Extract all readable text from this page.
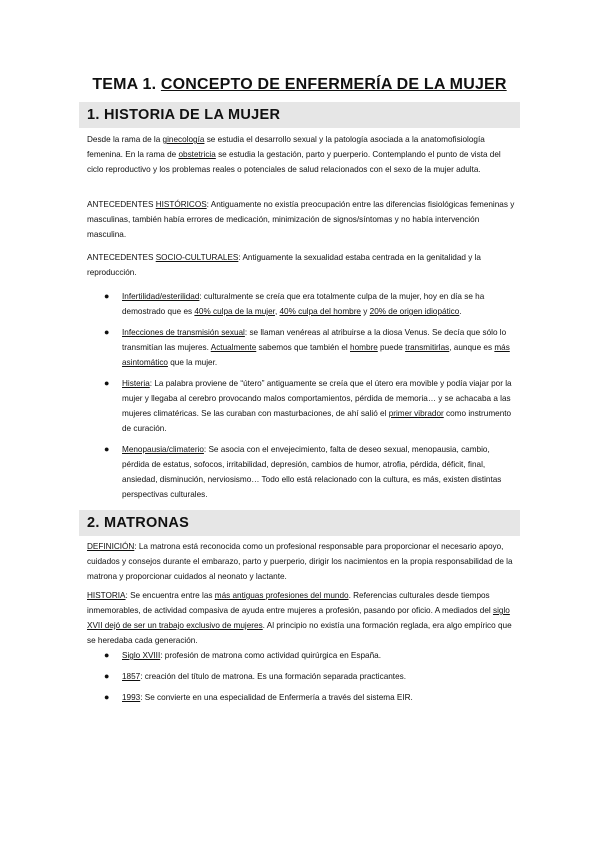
TEMA 1. CONCEPTO DE ENFERMERÍA DE LA MUJER
1. HISTORIA DE LA MUJER
Desde la rama de la ginecología se estudia el desarrollo sexual y la patología asociada a la anatomofisiología femenina. En la rama de obstetricia se estudia la gestación, parto y puerperio. Contemplando el punto de vista del ciclo reproductivo y los problemas reales o potenciales de salud relacionados con el sexo de la mujer adulta.
ANTECEDENTES HISTÓRICOS: Antiguamente no existía preocupación entre las diferencias fisiológicas femeninas y masculinas, también había errores de medicación, minimización de signos/síntomas y no había intervención masculina.
ANTECEDENTES SOCIO-CULTURALES: Antiguamente la sexualidad estaba centrada en la genitalidad y la reproducción.
● Infertilidad/esterilidad: culturalmente se creía que era totalmente culpa de la mujer, hoy en día se ha demostrado que es 40% culpa de la mujer, 40% culpa del hombre y 20% de origen idiopático.
● Infecciones de transmisión sexual: se llaman venéreas al atribuirse a la diosa Venus. Se decía que sólo lo transmitían las mujeres. Actualmente sabemos que también el hombre puede transmitirlas, aunque es más asintomático que la mujer.
● Histeria: La palabra proviene de “útero” antiguamente se creía que el útero era movible y podía viajar por la mujer y llegaba al cerebro provocando malos comportamientos, pérdida de memoria… y se achacaba a las mujeres climatéricas. Se las curaban con masturbaciones, de ahí salió el primer vibrador como instrumento de curación.
● Menopausia/climaterio: Se asocia con el envejecimiento, falta de deseo sexual, menopausia, cambio, pérdida de estatus, sofocos, irritabilidad, depresión, cambios de humor, atrofia, pérdida, déficit, final, ansiedad, disminución, nerviosismo… Todo ello está relacionado con la cultura, es más, existen distintas perspectivas culturales.
2. MATRONAS
DEFINICIÓN: La matrona está reconocida como un profesional responsable para proporcionar el necesario apoyo, cuidados y consejos durante el embarazo, parto y puerperio, dirigir los nacimientos en la propia responsabilidad de la matrona y proporcionar cuidados al neonato y lactante.
HISTORIA: Se encuentra entre las más antiguas profesiones del mundo. Referencias culturales desde tiempos inmemorables, de actividad compasiva de ayuda entre mujeres a profesión, pasando por oficio. A mediados del siglo XVII dejó de ser un trabajo exclusivo de mujeres. Al principio no existía una formación reglada, era algo empírico que se heredaba cada generación.
● Siglo XVIII: profesión de matrona como actividad quirúrgica en España.
● 1857: creación del título de matrona. Es una formación separada practicantes.
● 1993: Se convierte en una especialidad de Enfermería a través del sistema EIR.
